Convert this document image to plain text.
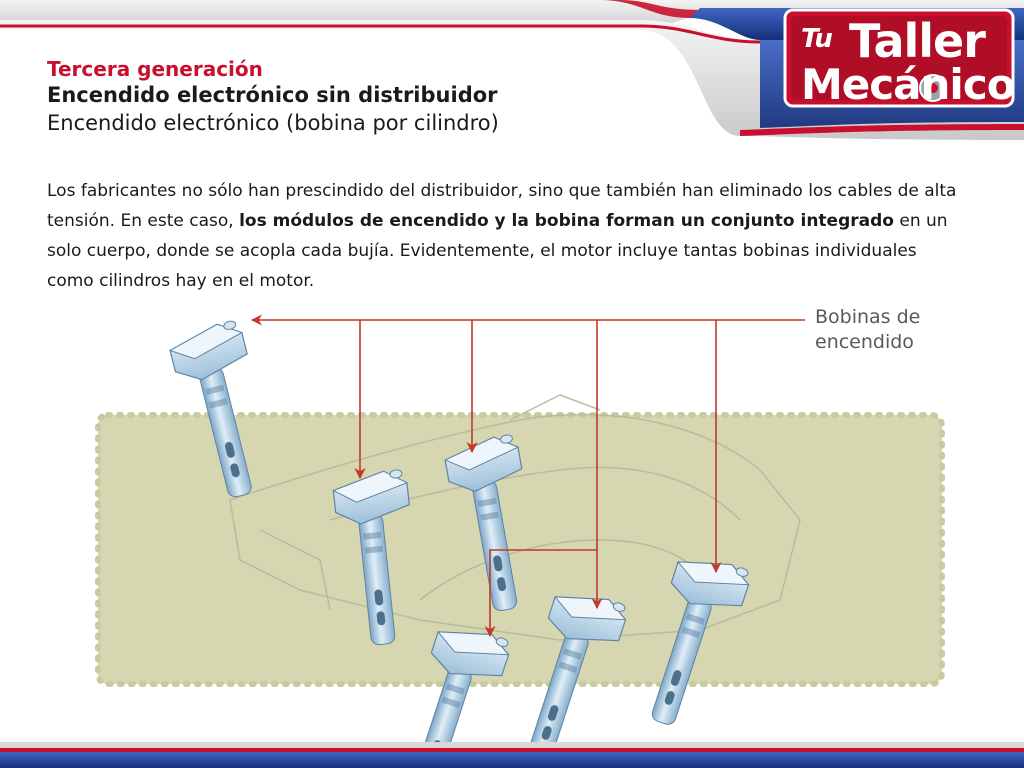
Tu Taller
Mecánico
Tercera generación
Encendido electrónico sin distribuidor
Encendido electrónico (bobina por cilindro)
Los fabricantes no sólo han prescindido del distribuidor, sino que también han eliminado los cables de alta tensión. En este caso, los módulos de encendido y la bobina forman un conjunto integrado en un solo cuerpo, donde se acopla cada bujía. Evidentemente, el motor incluye tantas bobinas individuales como cilindros hay en el motor.
Bobinas de
encendido
